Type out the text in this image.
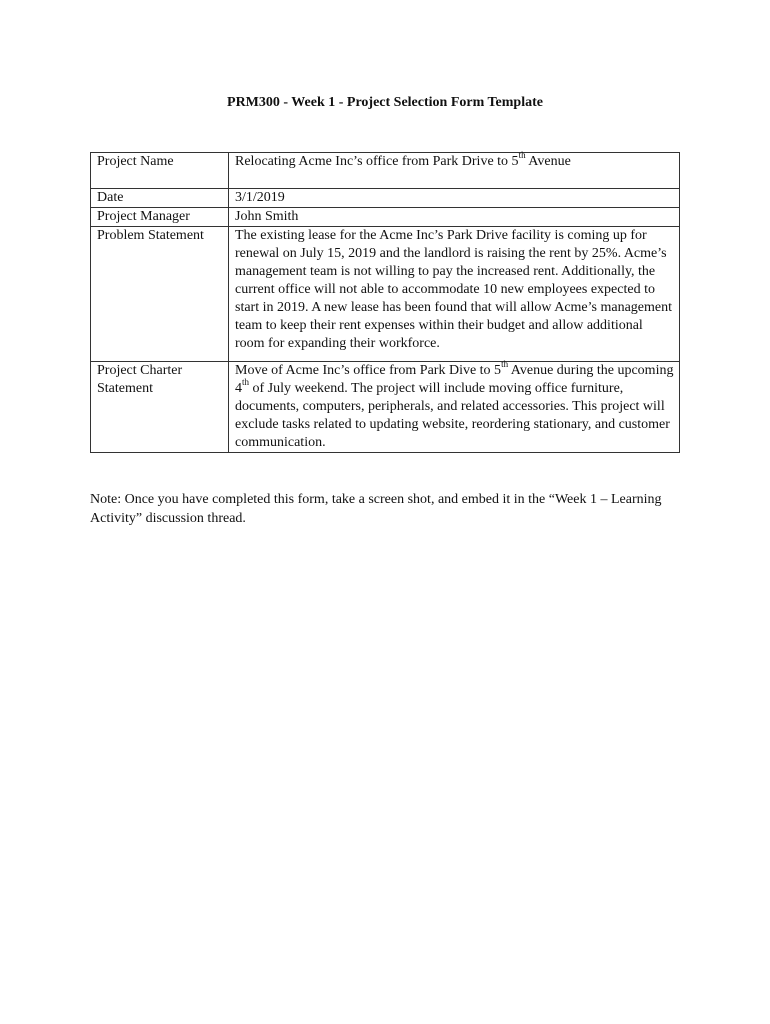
PRM300 - Week 1 - Project Selection Form Template
Project Name	Relocating Acme Inc’s office from Park Drive to 5th Avenue
Date	3/1/2019
Project Manager	John Smith
Problem Statement	The existing lease for the Acme Inc’s Park Drive facility is coming up for renewal on July 15, 2019 and the landlord is raising the rent by 25%. Acme’s management team is not willing to pay the increased rent. Additionally, the current office will not able to accommodate 10 new employees expected to start in 2019. A new lease has been found that will allow Acme’s management team to keep their rent expenses within their budget and allow additional room for expanding their workforce.
Project Charter Statement	Move of Acme Inc’s office from Park Dive to 5th Avenue during the upcoming 4th of July weekend. The project will include moving office furniture, documents, computers, peripherals, and related accessories. This project will exclude tasks related to updating website, reordering stationary, and customer communication.
Note: Once you have completed this form, take a screen shot, and embed it in the “Week 1 – Learning Activity” discussion thread.
